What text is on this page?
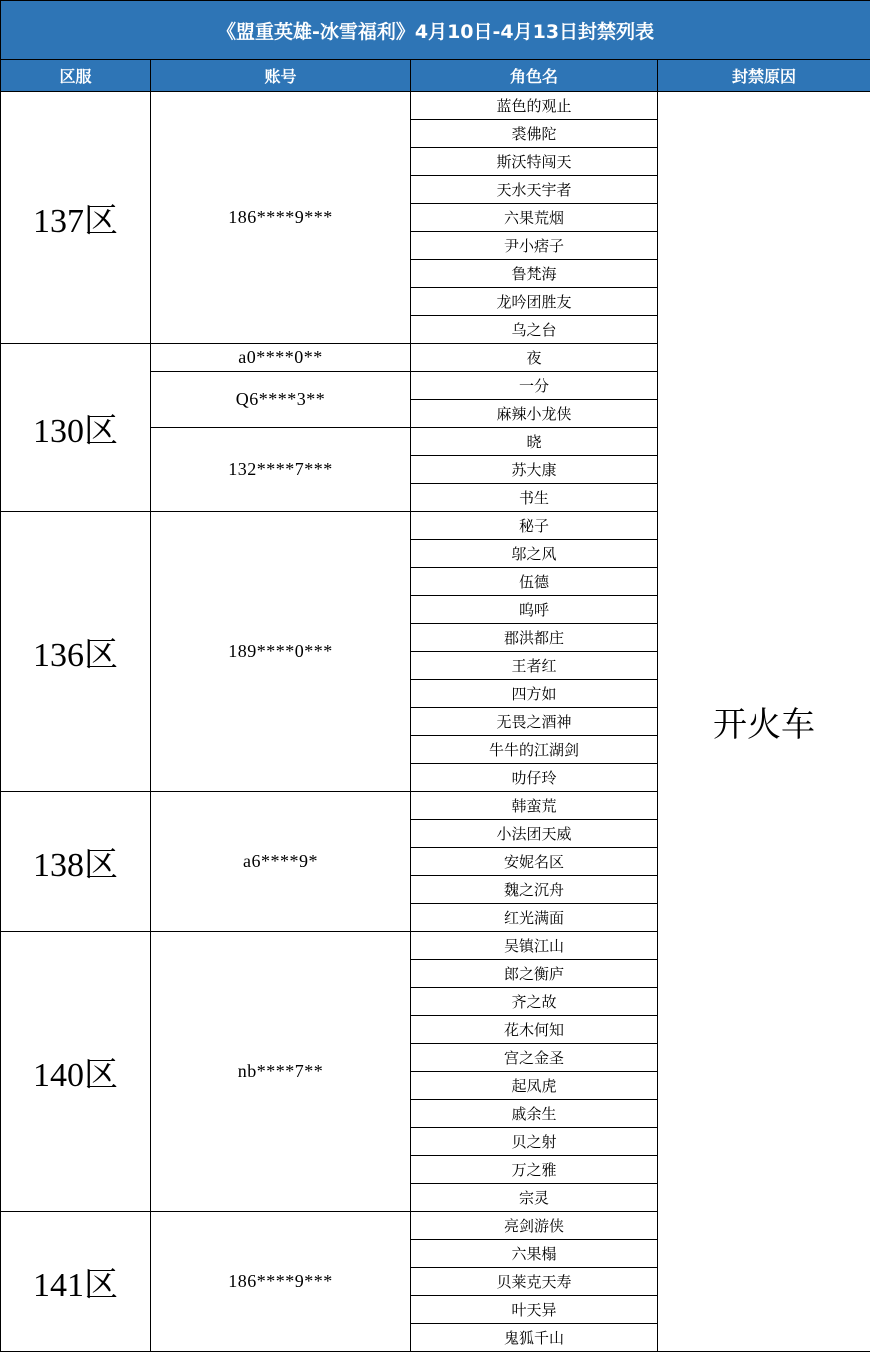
《盟重英雄-冰雪福利》4月10日-4月13日封禁列表			
区服	账号	角色名	封禁原因
137区	186****9***	蓝色的观止	开火车
		裘佛陀	
		斯沃特闯天	
		天水天宇者	
		六果荒烟	
		尹小痞子	
		鲁梵海	
		龙吟团胜友	
		乌之台	
130区	a0****0**	夜	
	Q6****3**	一分	
		麻辣小龙侠	
	132****7***	晓	
		苏大康	
		书生	
136区	189****0***	秘子	
		邬之风	
		伍德	
		呜呼	
		郡洪都庄	
		王者红	
		四方如	
		无畏之酒神	
		牛牛的江湖剑	
		叻仔玲	
138区	a6****9*	韩蛮荒	
		小法团天威	
		安妮名区	
		魏之沉舟	
		红光满面	
140区	nb****7**	吴镇江山	
		郎之衡庐	
		齐之故	
		花木何知	
		宫之金圣	
		起凤虎	
		戚余生	
		贝之射	
		万之雅	
		宗灵	
141区	186****9***	亮剑游侠	
		六果榻	
		贝莱克天寿	
		叶天异	
		鬼狐千山	
